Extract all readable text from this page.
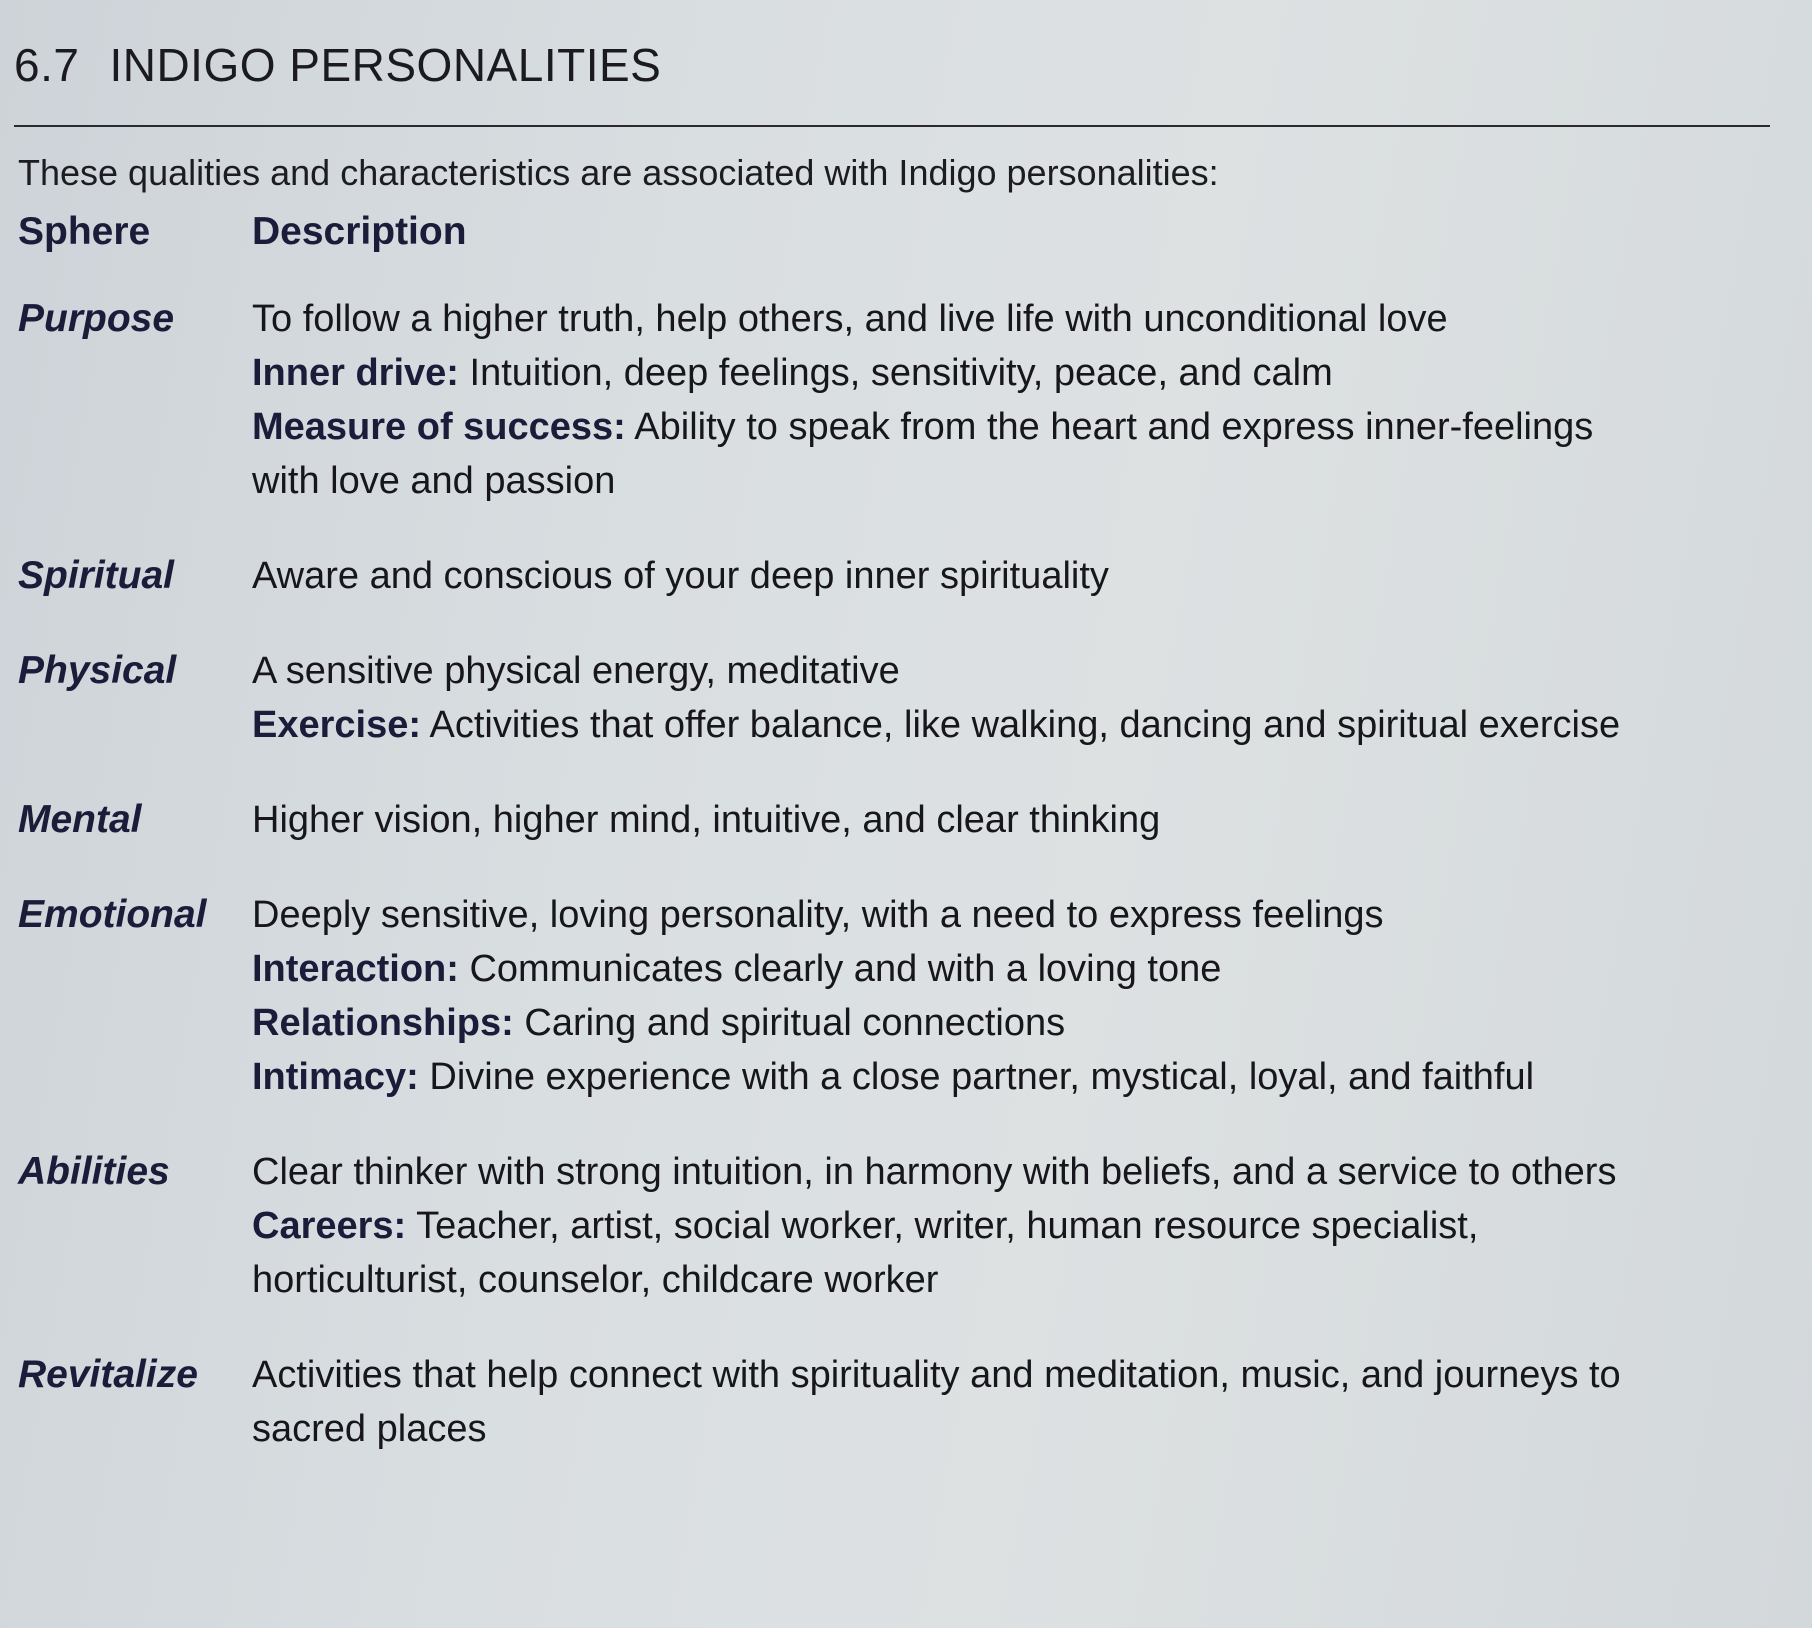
6.7 INDIGO PERSONALITIES

These qualities and characteristics are associated with Indigo personalities:

Sphere	Description
Purpose	To follow a higher truth, help others, and live life with unconditional love
Inner drive: Intuition, deep feelings, sensitivity, peace, and calm
Measure of success: Ability to speak from the heart and express inner-feelings
with love and passion
Spiritual	Aware and conscious of your deep inner spirituality
Physical	A sensitive physical energy, meditative
Exercise: Activities that offer balance, like walking, dancing and spiritual exercise
Mental	Higher vision, higher mind, intuitive, and clear thinking
Emotional	Deeply sensitive, loving personality, with a need to express feelings
Interaction: Communicates clearly and with a loving tone
Relationships: Caring and spiritual connections
Intimacy: Divine experience with a close partner, mystical, loyal, and faithful
Abilities	Clear thinker with strong intuition, in harmony with beliefs, and a service to others
Careers: Teacher, artist, social worker, writer, human resource specialist,
horticulturist, counselor, childcare worker
Revitalize	Activities that help connect with spirituality and meditation, music, and journeys to
sacred places
